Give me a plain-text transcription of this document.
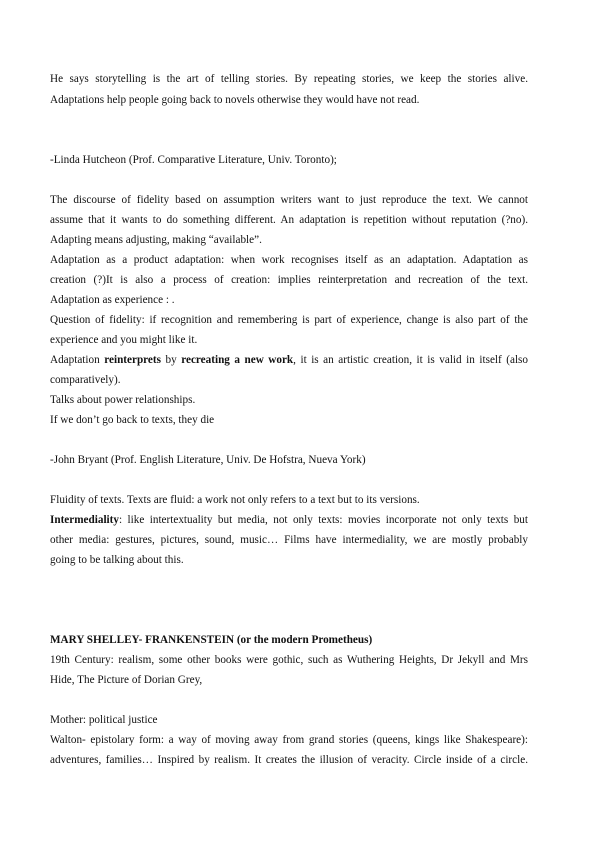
He says storytelling is the art of telling stories. By repeating stories, we keep the stories alive.
Adaptations help people going back to novels otherwise they would have not read.
-Linda Hutcheon (Prof. Comparative Literature, Univ. Toronto);
The discourse of fidelity based on assumption writers want to just reproduce the text. We cannot
assume that it wants to do something different. An adaptation is repetition without reputation (?no).
Adapting means adjusting, making “available”.
Adaptation as a product adaptation: when work recognises itself as an adaptation. Adaptation as
creation (?)It is also a process of creation: implies reinterpretation and recreation of the text.
Adaptation as experience : .
Question of fidelity: if recognition and remembering is part of experience, change is also part of the
experience and you might like it.
Adaptation reinterprets by recreating a new work, it is an artistic creation, it is valid in itself (also
comparatively).
Talks about power relationships.
If we don’t go back to texts, they die
-John Bryant (Prof. English Literature, Univ. De Hofstra, Nueva York)
Fluidity of texts. Texts are fluid: a work not only refers to a text but to its versions.
Intermediality: like intertextuality but media, not only texts: movies incorporate not only texts but
other media: gestures, pictures, sound, music… Films have intermediality, we are mostly probably
going to be talking about this.
MARY SHELLEY- FRANKENSTEIN (or the modern Prometheus)
19th Century: realism, some other books were gothic, such as Wuthering Heights, Dr Jekyll and Mrs
Hide, The Picture of Dorian Grey,
Mother: political justice
Walton- epistolary form: a way of moving away from grand stories (queens, kings like Shakespeare):
adventures, families… Inspired by realism. It creates the illusion of veracity. Circle inside of a circle.
